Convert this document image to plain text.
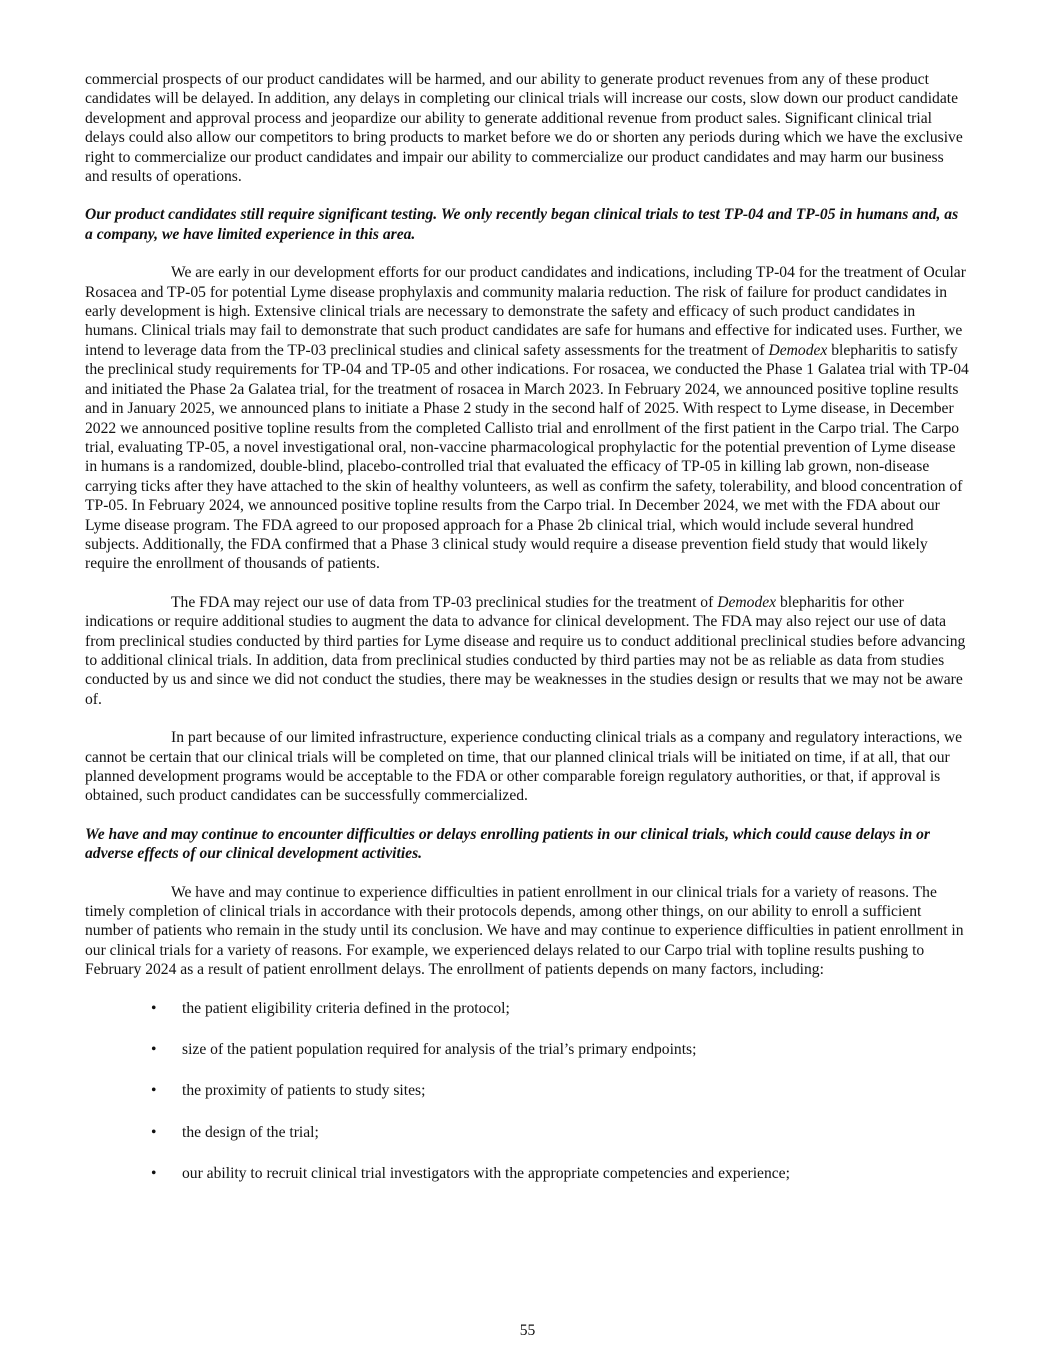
commercial prospects of our product candidates will be harmed, and our ability to generate product revenues from any of these product candidates will be delayed. In addition, any delays in completing our clinical trials will increase our costs, slow down our product candidate development and approval process and jeopardize our ability to generate additional revenue from product sales. Significant clinical trial delays could also allow our competitors to bring products to market before we do or shorten any periods during which we have the exclusive right to commercialize our product candidates and impair our ability to commercialize our product candidates and may harm our business and results of operations.

Our product candidates still require significant testing. We only recently began clinical trials to test TP-04 and TP-05 in humans and, as a company, we have limited experience in this area.

We are early in our development efforts for our product candidates and indications, including TP-04 for the treatment of Ocular Rosacea and TP-05 for potential Lyme disease prophylaxis and community malaria reduction. The risk of failure for product candidates in early development is high. Extensive clinical trials are necessary to demonstrate the safety and efficacy of such product candidates in humans. Clinical trials may fail to demonstrate that such product candidates are safe for humans and effective for indicated uses. Further, we intend to leverage data from the TP-03 preclinical studies and clinical safety assessments for the treatment of Demodex blepharitis to satisfy the preclinical study requirements for TP-04 and TP-05 and other indications. For rosacea, we conducted the Phase 1 Galatea trial with TP-04 and initiated the Phase 2a Galatea trial, for the treatment of rosacea in March 2023. In February 2024, we announced positive topline results and in January 2025, we announced plans to initiate a Phase 2 study in the second half of 2025. With respect to Lyme disease, in December 2022 we announced positive topline results from the completed Callisto trial and enrollment of the first patient in the Carpo trial. The Carpo trial, evaluating TP-05, a novel investigational oral, non-vaccine pharmacological prophylactic for the potential prevention of Lyme disease in humans is a randomized, double-blind, placebo-controlled trial that evaluated the efficacy of TP-05 in killing lab grown, non-disease carrying ticks after they have attached to the skin of healthy volunteers, as well as confirm the safety, tolerability, and blood concentration of TP-05. In February 2024, we announced positive topline results from the Carpo trial. In December 2024, we met with the FDA about our Lyme disease program. The FDA agreed to our proposed approach for a Phase 2b clinical trial, which would include several hundred subjects. Additionally, the FDA confirmed that a Phase 3 clinical study would require a disease prevention field study that would likely require the enrollment of thousands of patients.

The FDA may reject our use of data from TP-03 preclinical studies for the treatment of Demodex blepharitis for other indications or require additional studies to augment the data to advance for clinical development. The FDA may also reject our use of data from preclinical studies conducted by third parties for Lyme disease and require us to conduct additional preclinical studies before advancing to additional clinical trials. In addition, data from preclinical studies conducted by third parties may not be as reliable as data from studies conducted by us and since we did not conduct the studies, there may be weaknesses in the studies design or results that we may not be aware of.

In part because of our limited infrastructure, experience conducting clinical trials as a company and regulatory interactions, we cannot be certain that our clinical trials will be completed on time, that our planned clinical trials will be initiated on time, if at all, that our planned development programs would be acceptable to the FDA or other comparable foreign regulatory authorities, or that, if approval is obtained, such product candidates can be successfully commercialized.

We have and may continue to encounter difficulties or delays enrolling patients in our clinical trials, which could cause delays in or adverse effects of our clinical development activities.

We have and may continue to experience difficulties in patient enrollment in our clinical trials for a variety of reasons. The timely completion of clinical trials in accordance with their protocols depends, among other things, on our ability to enroll a sufficient number of patients who remain in the study until its conclusion. We have and may continue to experience difficulties in patient enrollment in our clinical trials for a variety of reasons. For example, we experienced delays related to our Carpo trial with topline results pushing to February 2024 as a result of patient enrollment delays. The enrollment of patients depends on many factors, including:

• the patient eligibility criteria defined in the protocol;
• size of the patient population required for analysis of the trial’s primary endpoints;
• the proximity of patients to study sites;
• the design of the trial;
• our ability to recruit clinical trial investigators with the appropriate competencies and experience;
55
